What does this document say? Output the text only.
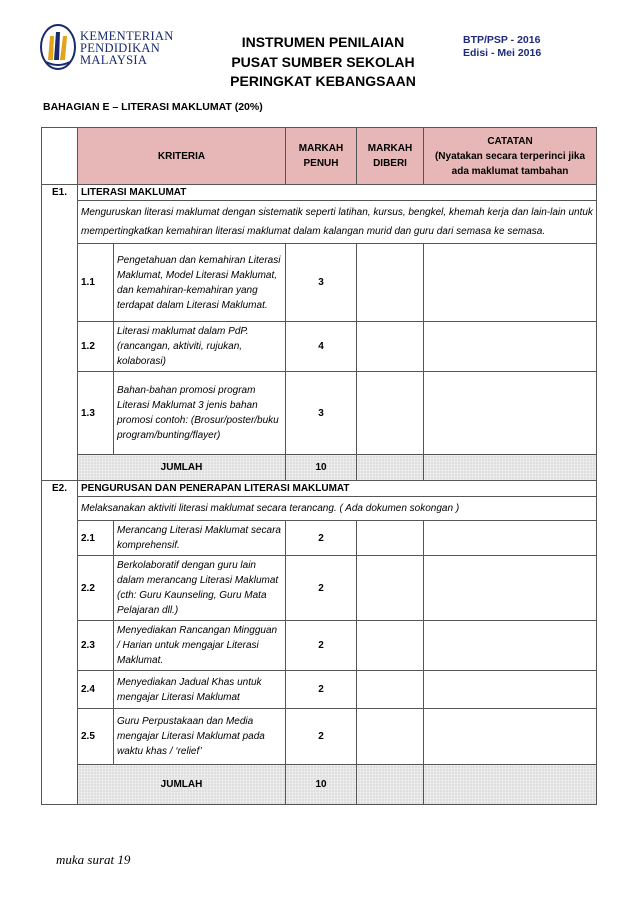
KEMENTERIAN
PENDIDIKAN
MALAYSIA
INSTRUMEN PENILAIAN
PUSAT SUMBER SEKOLAH
PERINGKAT KEBANGSAAN
BTP/PSP - 2016
Edisi - Mei 2016
BAHAGIAN E – LITERASI MAKLUMAT (20%)
	KRITERIA		MARKAH PENUH	MARKAH DIBERI	CATATAN
(Nyatakan secara terperinci jika ada maklumat tambahan

E1.	LITERASI MAKLUMAT				
	Menguruskan literasi maklumat dengan sistematik seperti latihan, kursus, bengkel, khemah kerja dan lain-lain untuk mempertingkatkan kemahiran literasi maklumat dalam kalangan murid dan guru dari semasa ke semasa.				
	1.1	Pengetahuan dan kemahiran Literasi Maklumat, Model Literasi Maklumat, dan kemahiran-kemahiran yang terdapat dalam Literasi Maklumat.	3		
	1.2	Literasi maklumat dalam PdP. (rancangan, aktiviti, rujukan, kolaborasi)	4		
	1.3	Bahan-bahan promosi program Literasi Maklumat 3 jenis bahan promosi contoh: (Brosur/poster/buku program/bunting/flayer)	3		
	JUMLAH		10		
E2.	PENGURUSAN DAN PENERAPAN LITERASI MAKLUMAT				
	Melaksanakan aktiviti literasi maklumat secara terancang. ( Ada dokumen sokongan )				
	2.1	Merancang Literasi Maklumat secara komprehensif.	2		
	2.2	Berkolaboratif dengan guru lain dalam merancang Literasi Maklumat (cth: Guru Kaunseling, Guru Mata Pelajaran dll.)	2		
	2.3	Menyediakan Rancangan Mingguan / Harian untuk mengajar Literasi Maklumat.	2		
	2.4	Menyediakan Jadual Khas untuk mengajar Literasi Maklumat	2		
	2.5	Guru Perpustakaan dan Media mengajar Literasi Maklumat pada waktu khas / ‘relief’	2		
	JUMLAH		10		
muka surat 19
